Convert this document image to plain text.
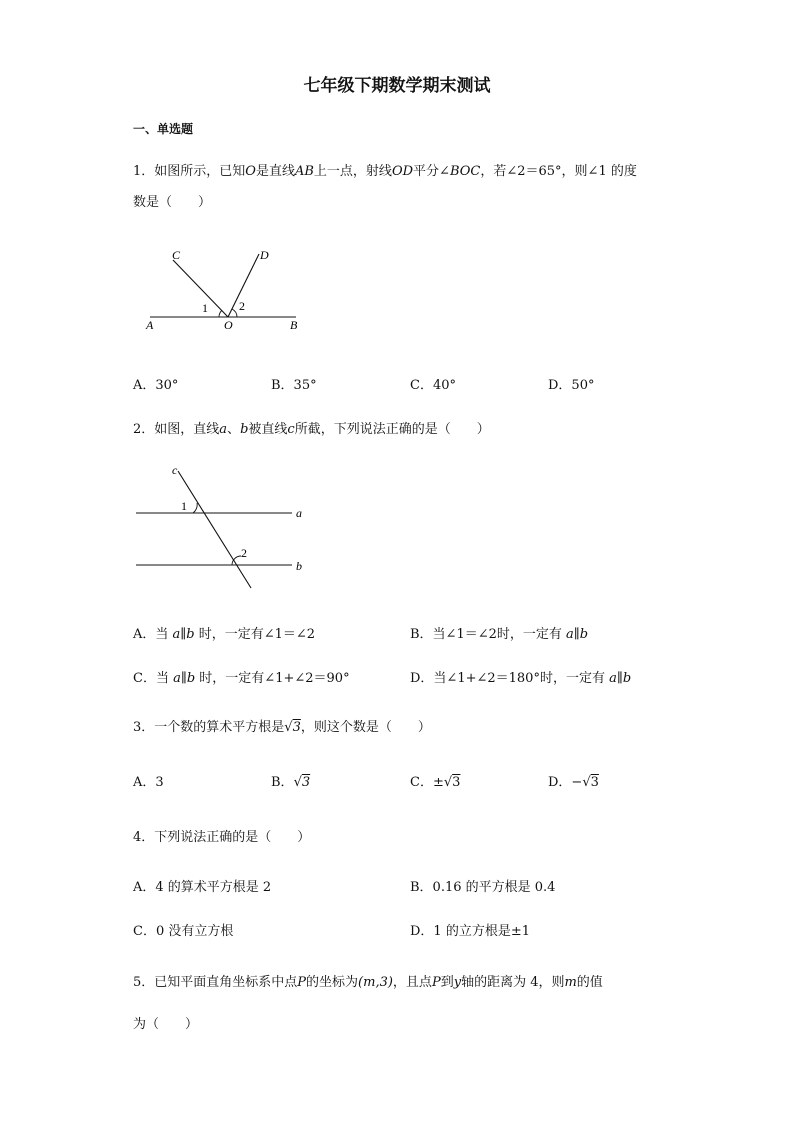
七年级下期数学期末测试
一、单选题
1．如图所示，已知O是直线AB上一点，射线OD平分∠BOC，若∠2＝65°，则∠1 的度
数是（　　）
A	O	B
C	D
1	2
A．30°	B．35°	C．40°	D．50°
2．如图，直线a、b被直线c所截，下列说法正确的是（　　）
c
a
b
1
2
A．当 a∥b 时，一定有∠1＝∠2	B．当∠1＝∠2时，一定有 a∥b
C．当 a∥b 时，一定有∠1+∠2＝90°	D．当∠1+∠2＝180°时，一定有 a∥b
3．一个数的算术平方根是√3，则这个数是（　　）
A．3	B．√3	C．±√3	D．−√3
4．下列说法正确的是（　　）
A．4 的算术平方根是 2	B．0.16 的平方根是 0.4
C．0 没有立方根	D．1 的立方根是±1
5．已知平面直角坐标系中点P的坐标为(m,3)，且点P到y轴的距离为 4，则m的值
为（　　）
